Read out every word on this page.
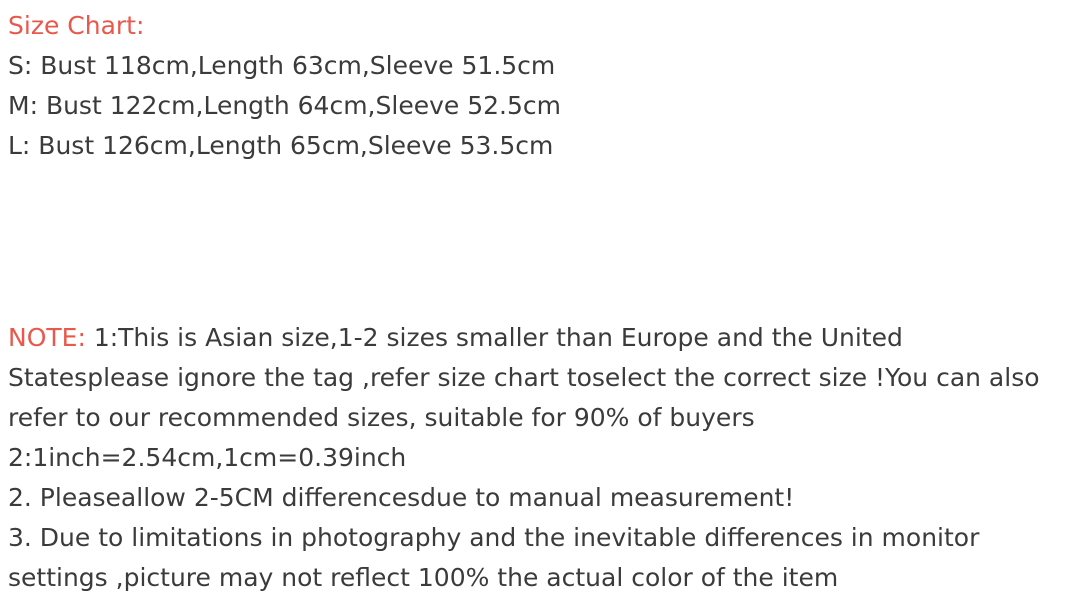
Size Chart:
S: Bust 118cm,Length 63cm,Sleeve 51.5cm
M: Bust 122cm,Length 64cm,Sleeve 52.5cm
L: Bust 126cm,Length 65cm,Sleeve 53.5cm
NOTE: 1:This is Asian size,1-2 sizes smaller than Europe and the United Statesplease ignore the tag ,refer size chart toselect the correct size !You can also refer to our recommended sizes, suitable for 90% of buyers

2:1inch=2.54cm,1cm=0.39inch

2. Pleaseallow 2-5CM differencesdue to manual measurement!

3. Due to limitations in photography and the inevitable differences in monitor settings ,picture may not reflect 100% the actual color of the item
